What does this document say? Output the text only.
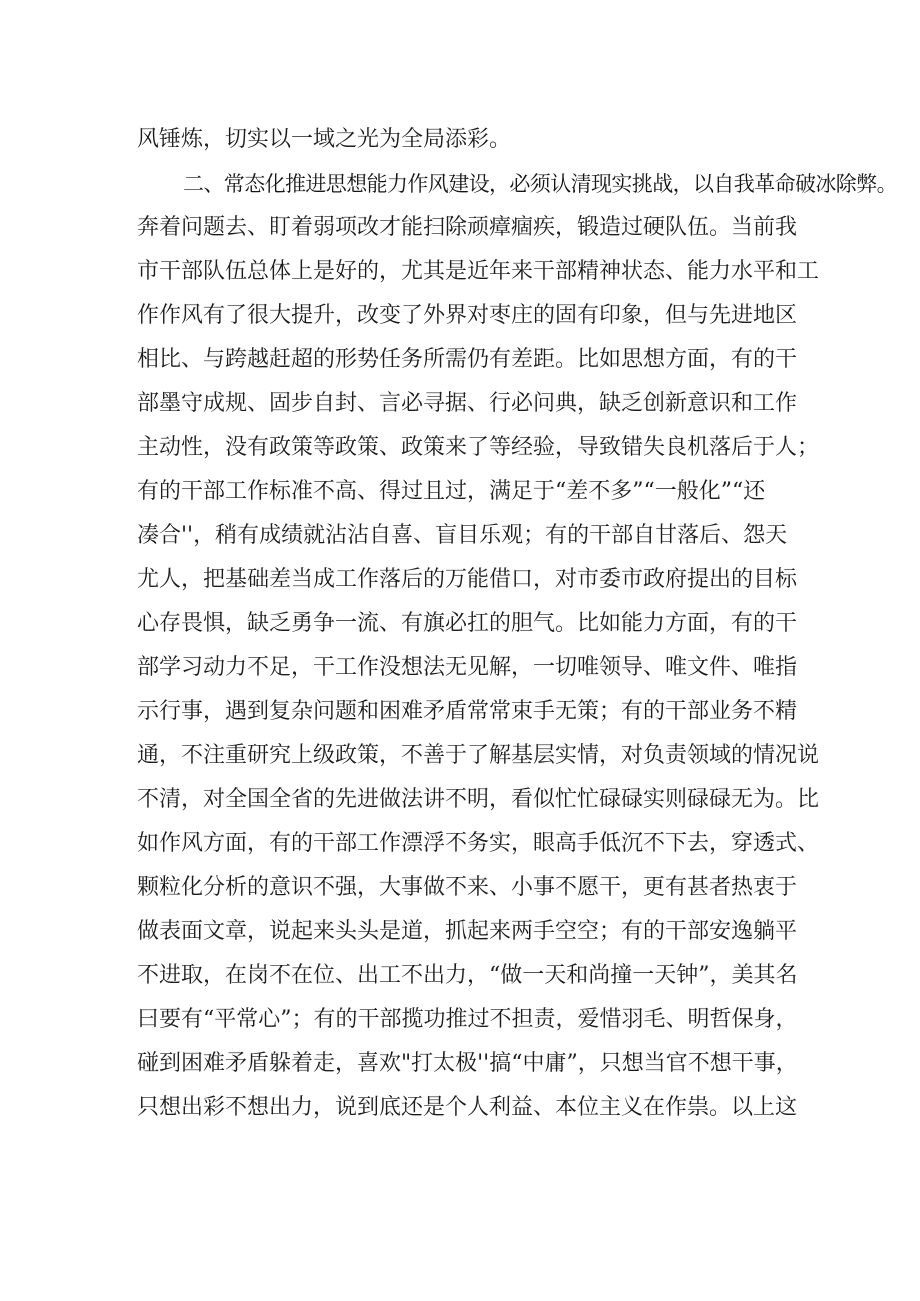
风锤炼，切实以一域之光为全局添彩。
二、常态化推进思想能力作风建设，必须认清现实挑战，以自我革命破冰除弊。
奔着问题去、盯着弱项改才能扫除顽瘴痼疾，锻造过硬队伍。当前我
市干部队伍总体上是好的，尤其是近年来干部精神状态、能力水平和工
作作风有了很大提升，改变了外界对枣庄的固有印象，但与先进地区
相比、与跨越赶超的形势任务所需仍有差距。比如思想方面，有的干
部墨守成规、固步自封、言必寻据、行必问典，缺乏创新意识和工作
主动性，没有政策等政策、政策来了等经验，导致错失良机落后于人；
有的干部工作标准不高、得过且过，满足于“差不多”“一般化”“还
凑合''，稍有成绩就沾沾自喜、盲目乐观；有的干部自甘落后、怨天
尤人，把基础差当成工作落后的万能借口，对市委市政府提出的目标
心存畏惧，缺乏勇争一流、有旗必扛的胆气。比如能力方面，有的干
部学习动力不足，干工作没想法无见解，一切唯领导、唯文件、唯指
示行事，遇到复杂问题和困难矛盾常常束手无策；有的干部业务不精
通，不注重研究上级政策，不善于了解基层实情，对负责领域的情况说
不清，对全国全省的先进做法讲不明，看似忙忙碌碌实则碌碌无为。比
如作风方面，有的干部工作漂浮不务实，眼高手低沉不下去，穿透式、
颗粒化分析的意识不强，大事做不来、小事不愿干，更有甚者热衷于
做表面文章，说起来头头是道，抓起来两手空空；有的干部安逸躺平
不进取，在岗不在位、出工不出力，“做一天和尚撞一天钟”，美其名
曰要有“平常心”；有的干部揽功推过不担责，爱惜羽毛、明哲保身，
碰到困难矛盾躲着走，喜欢"打太极''搞“中庸”，只想当官不想干事，
只想出彩不想出力，说到底还是个人利益、本位主义在作祟。以上这
